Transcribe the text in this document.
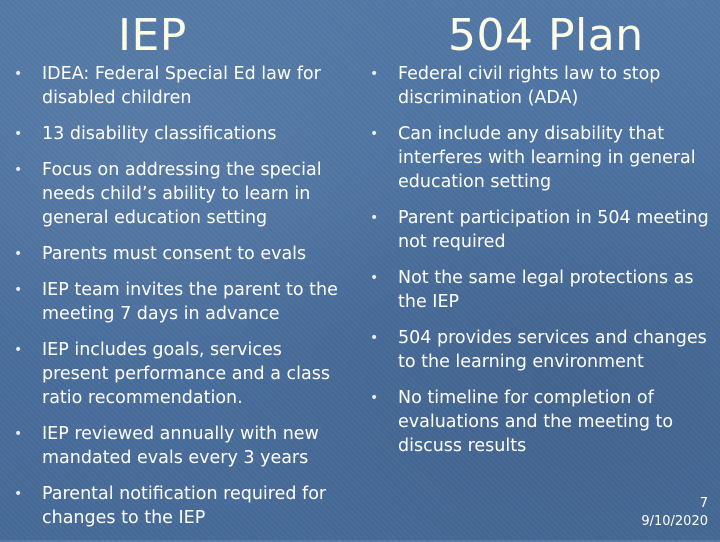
IEP	504 Plan
• IDEA: Federal Special Ed law for disabled children
• 13 disability classifications
• Focus on addressing the special needs child’s ability to learn in general education setting
• Parents must consent to evals
• IEP team invites the parent to the meeting 7 days in advance
• IEP includes goals, services present performance and a class ratio recommendation.
• IEP reviewed annually with new mandated evals every 3 years
• Parental notification required for changes to the IEP
• Federal civil rights law to stop discrimination (ADA)
• Can include any disability that interferes with learning in general education setting
• Parent participation in 504 meeting not required
• Not the same legal protections as the IEP
• 504 provides services and changes to the learning environment
• No timeline for completion of evaluations and the meeting to discuss results
7
9/10/2020
